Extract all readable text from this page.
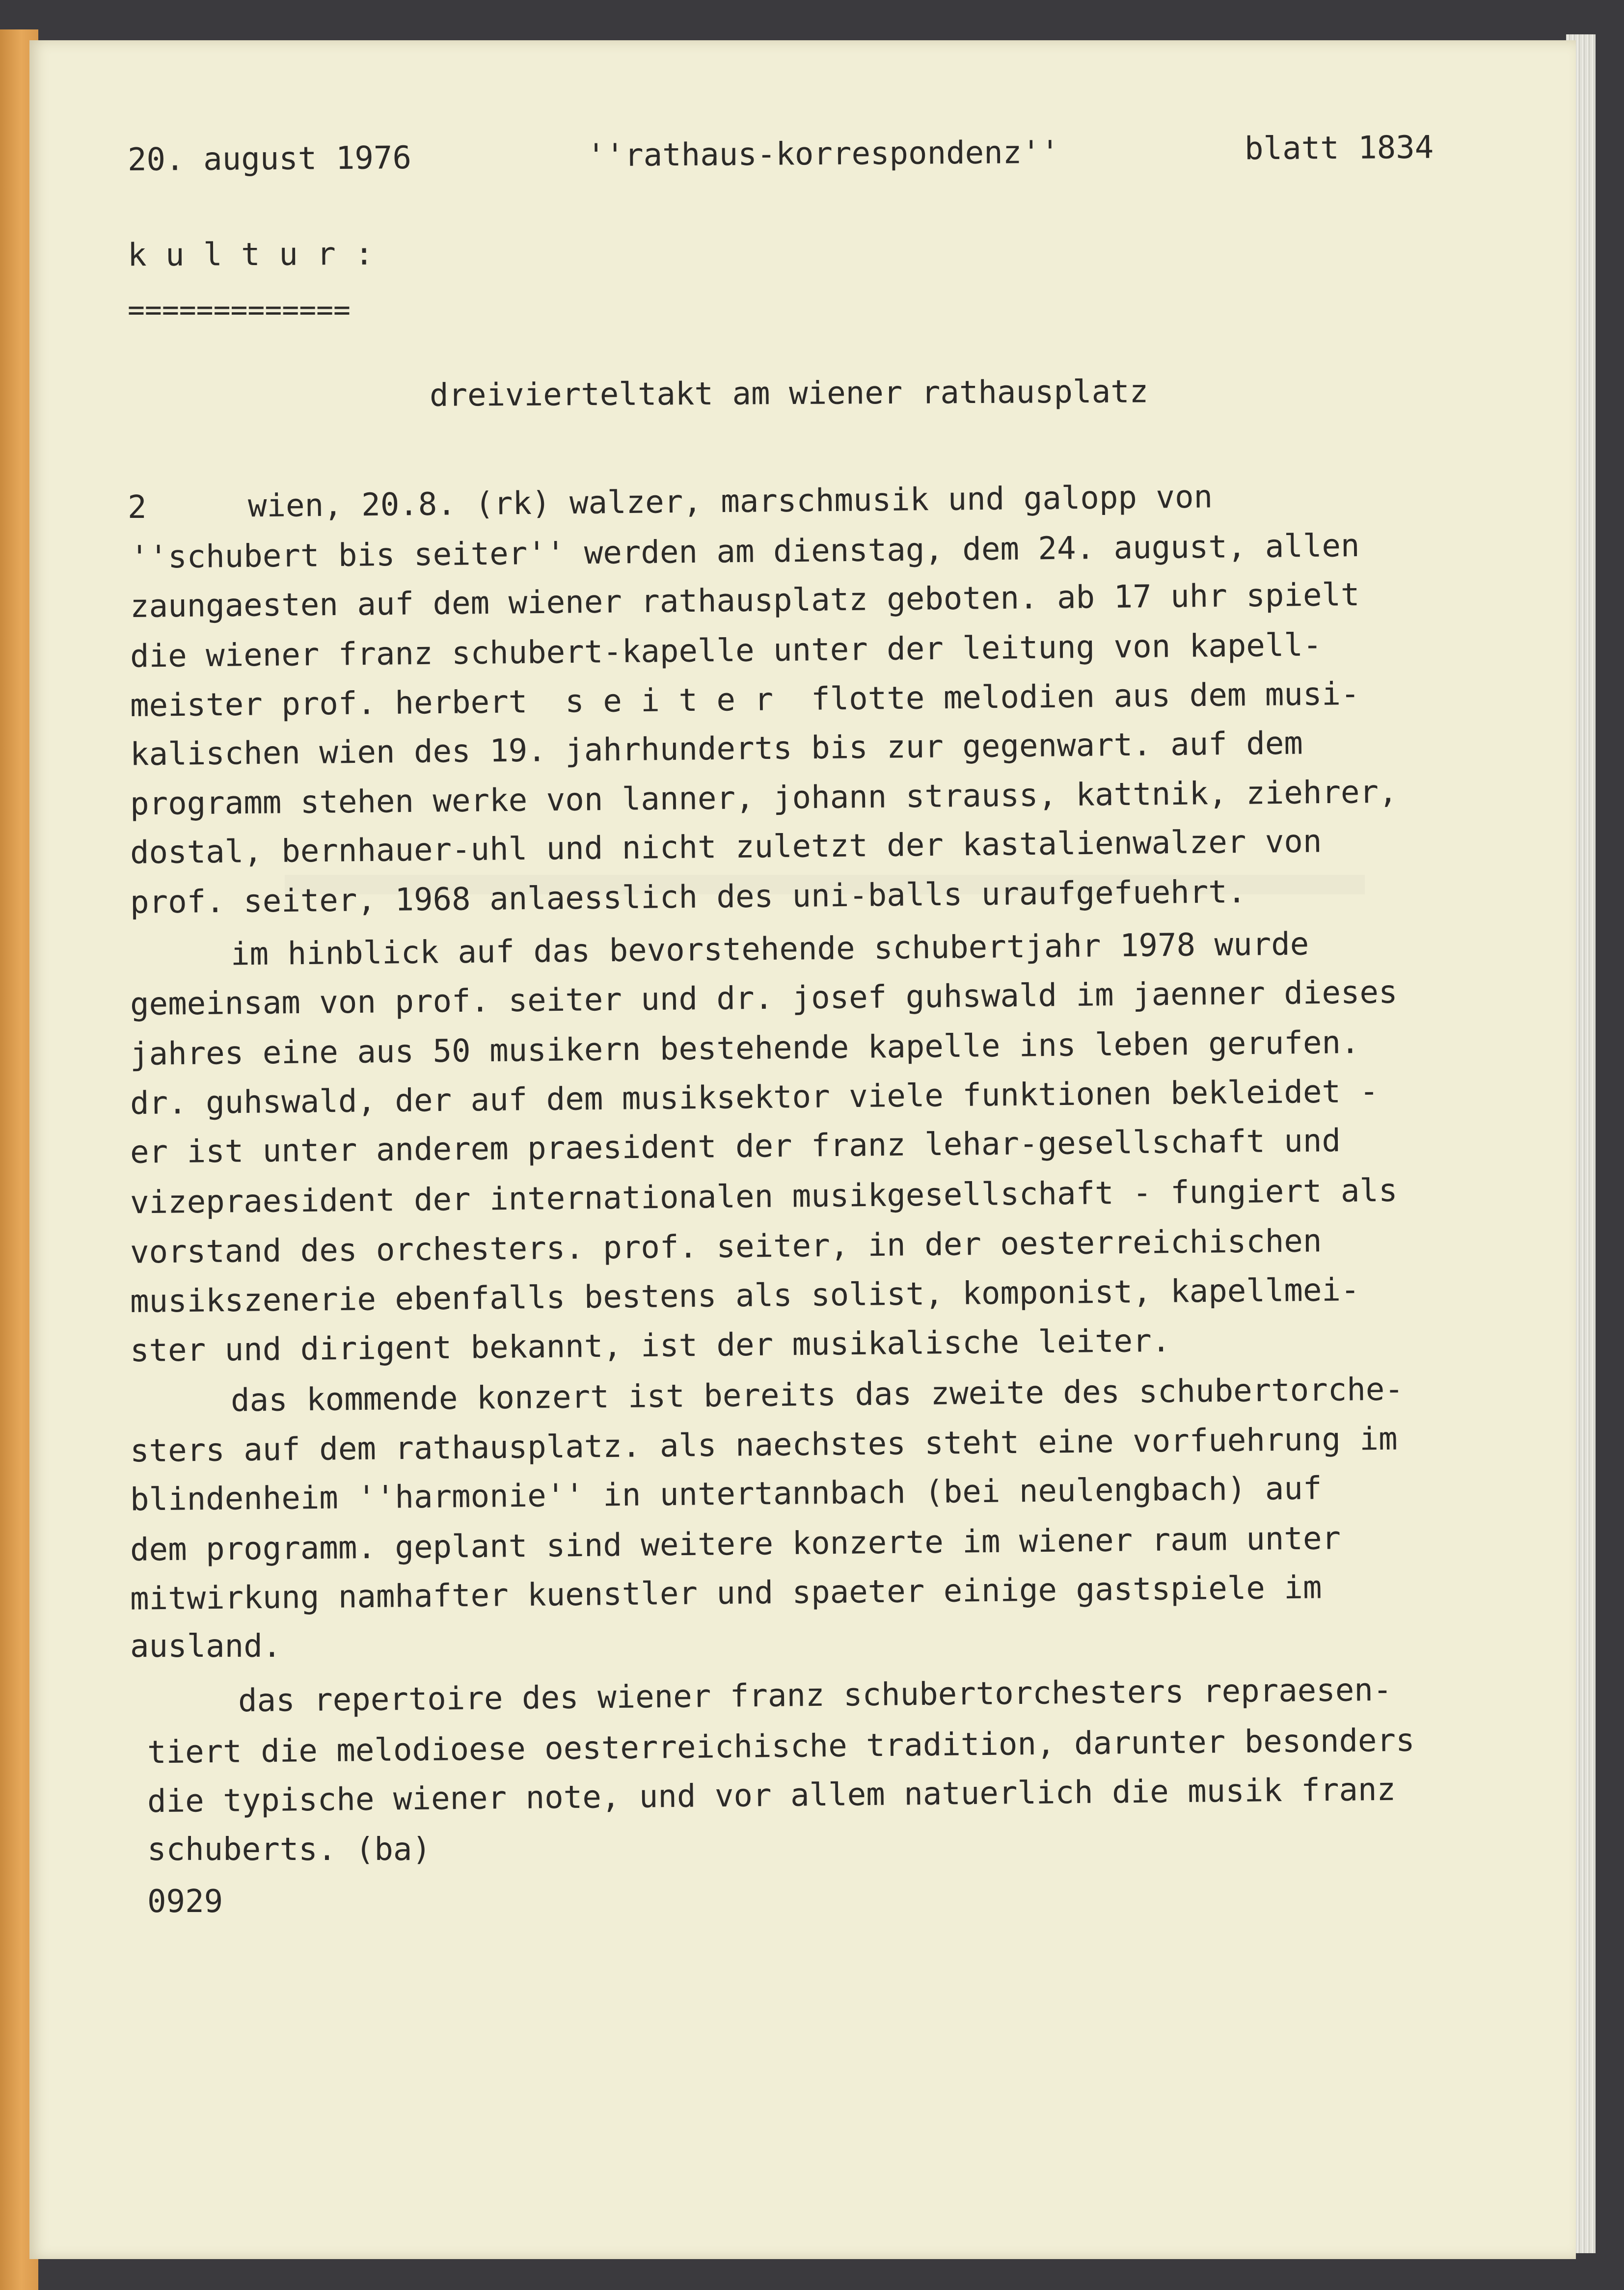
20. august 1976	''rathaus-korrespondenz''	blatt 1834
k u l t u r :
=============
dreivierteltakt am wiener rathausplatz
2	wien, 20.8. (rk) walzer, marschmusik und galopp von
''schubert bis seiter'' werden am dienstag, dem 24. august, allen
zaungaesten auf dem wiener rathausplatz geboten. ab 17 uhr spielt
die wiener franz schubert-kapelle unter der leitung von kapell-
meister prof. herbert  s e i t e r  flotte melodien aus dem musi-
kalischen wien des 19. jahrhunderts bis zur gegenwart. auf dem
programm stehen werke von lanner, johann strauss, kattnik, ziehrer,
dostal, bernhauer-uhl und nicht zuletzt der kastalienwalzer von
prof. seiter, 1968 anlaesslich des uni-balls uraufgefuehrt.
im hinblick auf das bevorstehende schubertjahr 1978 wurde
gemeinsam von prof. seiter und dr. josef guhswald im jaenner dieses
jahres eine aus 50 musikern bestehende kapelle ins leben gerufen.
dr. guhswald, der auf dem musiksektor viele funktionen bekleidet -
er ist unter anderem praesident der franz lehar-gesellschaft und
vizepraesident der internationalen musikgesellschaft - fungiert als
vorstand des orchesters. prof. seiter, in der oesterreichischen
musikszenerie ebenfalls bestens als solist, komponist, kapellmei-
ster und dirigent bekannt, ist der musikalische leiter.
das kommende konzert ist bereits das zweite des schubertorche-
sters auf dem rathausplatz. als naechstes steht eine vorfuehrung im
blindenheim ''harmonie'' in untertannbach (bei neulengbach) auf
dem programm. geplant sind weitere konzerte im wiener raum unter
mitwirkung namhafter kuenstler und spaeter einige gastspiele im
ausland.
das repertoire des wiener franz schubertorchesters repraesen-
tiert die melodioese oesterreichische tradition, darunter besonders
die typische wiener note, und vor allem natuerlich die musik franz
schuberts. (ba)
0929
